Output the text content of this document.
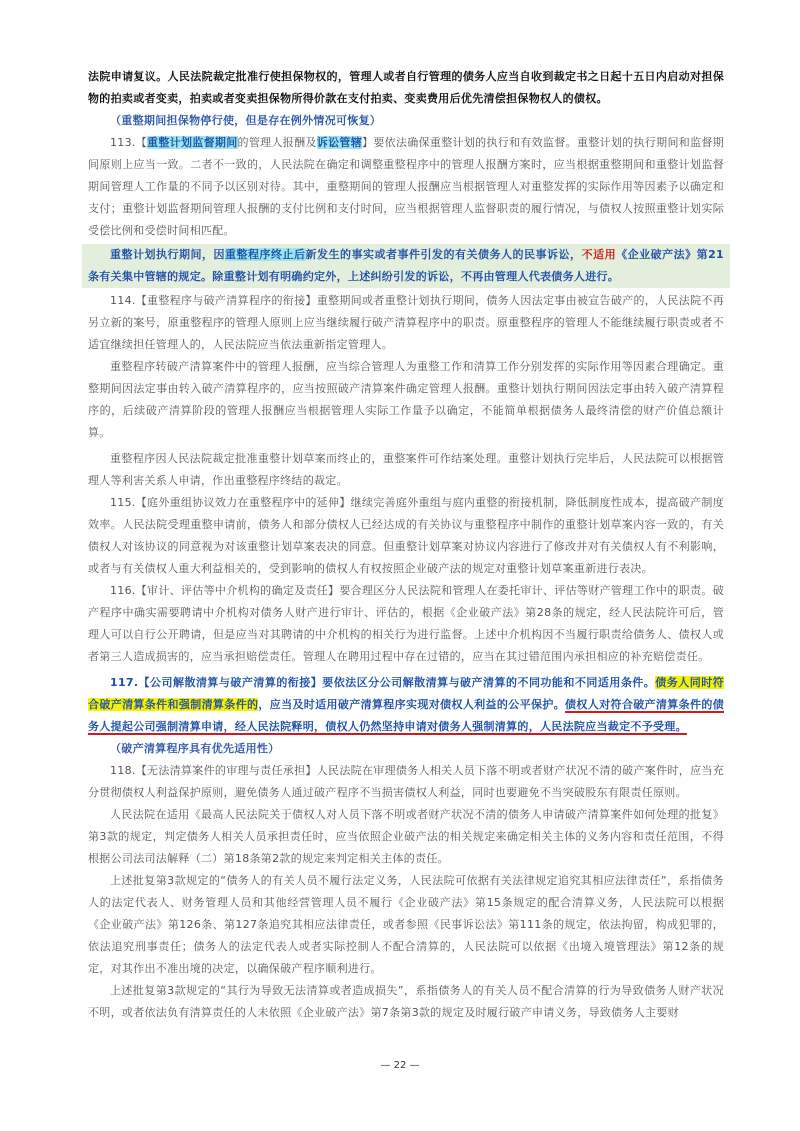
法院申请复议。人民法院裁定批准行使担保物权的，管理人或者自行管理的债务人应当自收到裁定书之日起十五日内启动对担保物的拍卖或者变卖，拍卖或者变卖担保物所得价款在支付拍卖、变卖费用后优先清偿担保物权人的债权。

（重整期间担保物停行使，但是存在例外情况可恢复）

113.【重整计划监督期间的管理人报酬及诉讼管辖】要依法确保重整计划的执行和有效监督。重整计划的执行期间和监督期间原则上应当一致。二者不一致的，人民法院在确定和调整重整程序中的管理人报酬方案时，应当根据重整期间和重整计划监督期间管理人工作量的不同予以区别对待。其中，重整期间的管理人报酬应当根据管理人对重整发挥的实际作用等因素予以确定和支付；重整计划监督期间管理人报酬的支付比例和支付时间，应当根据管理人监督职责的履行情况，与债权人按照重整计划实际受偿比例和受偿时间相匹配。

重整计划执行期间，因重整程序终止后新发生的事实或者事件引发的有关债务人的民事诉讼，不适用《企业破产法》第21条有关集中管辖的规定。除重整计划有明确约定外，上述纠纷引发的诉讼，不再由管理人代表债务人进行。

114.【重整程序与破产清算程序的衔接】重整期间或者重整计划执行期间，债务人因法定事由被宣告破产的，人民法院不再另立新的案号，原重整程序的管理人原则上应当继续履行破产清算程序中的职责。原重整程序的管理人不能继续履行职责或者不适宜继续担任管理人的，人民法院应当依法重新指定管理人。

重整程序转破产清算案件中的管理人报酬，应当综合管理人为重整工作和清算工作分别发挥的实际作用等因素合理确定。重整期间因法定事由转入破产清算程序的，应当按照破产清算案件确定管理人报酬。重整计划执行期间因法定事由转入破产清算程序的，后续破产清算阶段的管理人报酬应当根据管理人实际工作量予以确定，不能简单根据债务人最终清偿的财产价值总额计算。

重整程序因人民法院裁定批准重整计划草案而终止的，重整案件可作结案处理。重整计划执行完毕后，人民法院可以根据管理人等利害关系人申请，作出重整程序终结的裁定。

115.【庭外重组协议效力在重整程序中的延伸】继续完善庭外重组与庭内重整的衔接机制，降低制度性成本，提高破产制度效率。人民法院受理重整申请前，债务人和部分债权人已经达成的有关协议与重整程序中制作的重整计划草案内容一致的，有关债权人对该协议的同意视为对该重整计划草案表决的同意。但重整计划草案对协议内容进行了修改并对有关债权人有不利影响，或者与有关债权人重大利益相关的，受到影响的债权人有权按照企业破产法的规定对重整计划草案重新进行表决。

116.【审计、评估等中介机构的确定及责任】要合理区分人民法院和管理人在委托审计、评估等财产管理工作中的职责。破产程序中确实需要聘请中介机构对债务人财产进行审计、评估的，根据《企业破产法》第28条的规定，经人民法院许可后，管理人可以自行公开聘请，但是应当对其聘请的中介机构的相关行为进行监督。上述中介机构因不当履行职责给债务人、债权人或者第三人造成损害的，应当承担赔偿责任。管理人在聘用过程中存在过错的，应当在其过错范围内承担相应的补充赔偿责任。

117.【公司解散清算与破产清算的衔接】要依法区分公司解散清算与破产清算的不同功能和不同适用条件。债务人同时符合破产清算条件和强制清算条件的，应当及时适用破产清算程序实现对债权人利益的公平保护。债权人对符合破产清算条件的债务人提起公司强制清算申请，经人民法院释明，债权人仍然坚持申请对债务人强制清算的，人民法院应当裁定不予受理。

（破产清算程序具有优先适用性）

118.【无法清算案件的审理与责任承担】人民法院在审理债务人相关人员下落不明或者财产状况不清的破产案件时，应当充分贯彻债权人利益保护原则，避免债务人通过破产程序不当损害债权人利益，同时也要避免不当突破股东有限责任原则。

人民法院在适用《最高人民法院关于债权人对人员下落不明或者财产状况不清的债务人申请破产清算案件如何处理的批复》第3款的规定，判定债务人相关人员承担责任时，应当依照企业破产法的相关规定来确定相关主体的义务内容和责任范围，不得根据公司法司法解释（二）第18条第2款的规定来判定相关主体的责任。

上述批复第3款规定的“债务人的有关人员不履行法定义务，人民法院可依据有关法律规定追究其相应法律责任”，系指债务人的法定代表人、财务管理人员和其他经营管理人员不履行《企业破产法》第15条规定的配合清算义务，人民法院可以根据《企业破产法》第126条、第127条追究其相应法律责任，或者参照《民事诉讼法》第111条的规定，依法拘留，构成犯罪的，依法追究刑事责任；债务人的法定代表人或者实际控制人不配合清算的，人民法院可以依据《出境入境管理法》第12条的规定，对其作出不准出境的决定，以确保破产程序顺利进行。

上述批复第3款规定的“其行为导致无法清算或者造成损失”，系指债务人的有关人员不配合清算的行为导致债务人财产状况不明，或者依法负有清算责任的人未依照《企业破产法》第7条第3款的规定及时履行破产申请义务，导致债务人主要财

— 22 —
